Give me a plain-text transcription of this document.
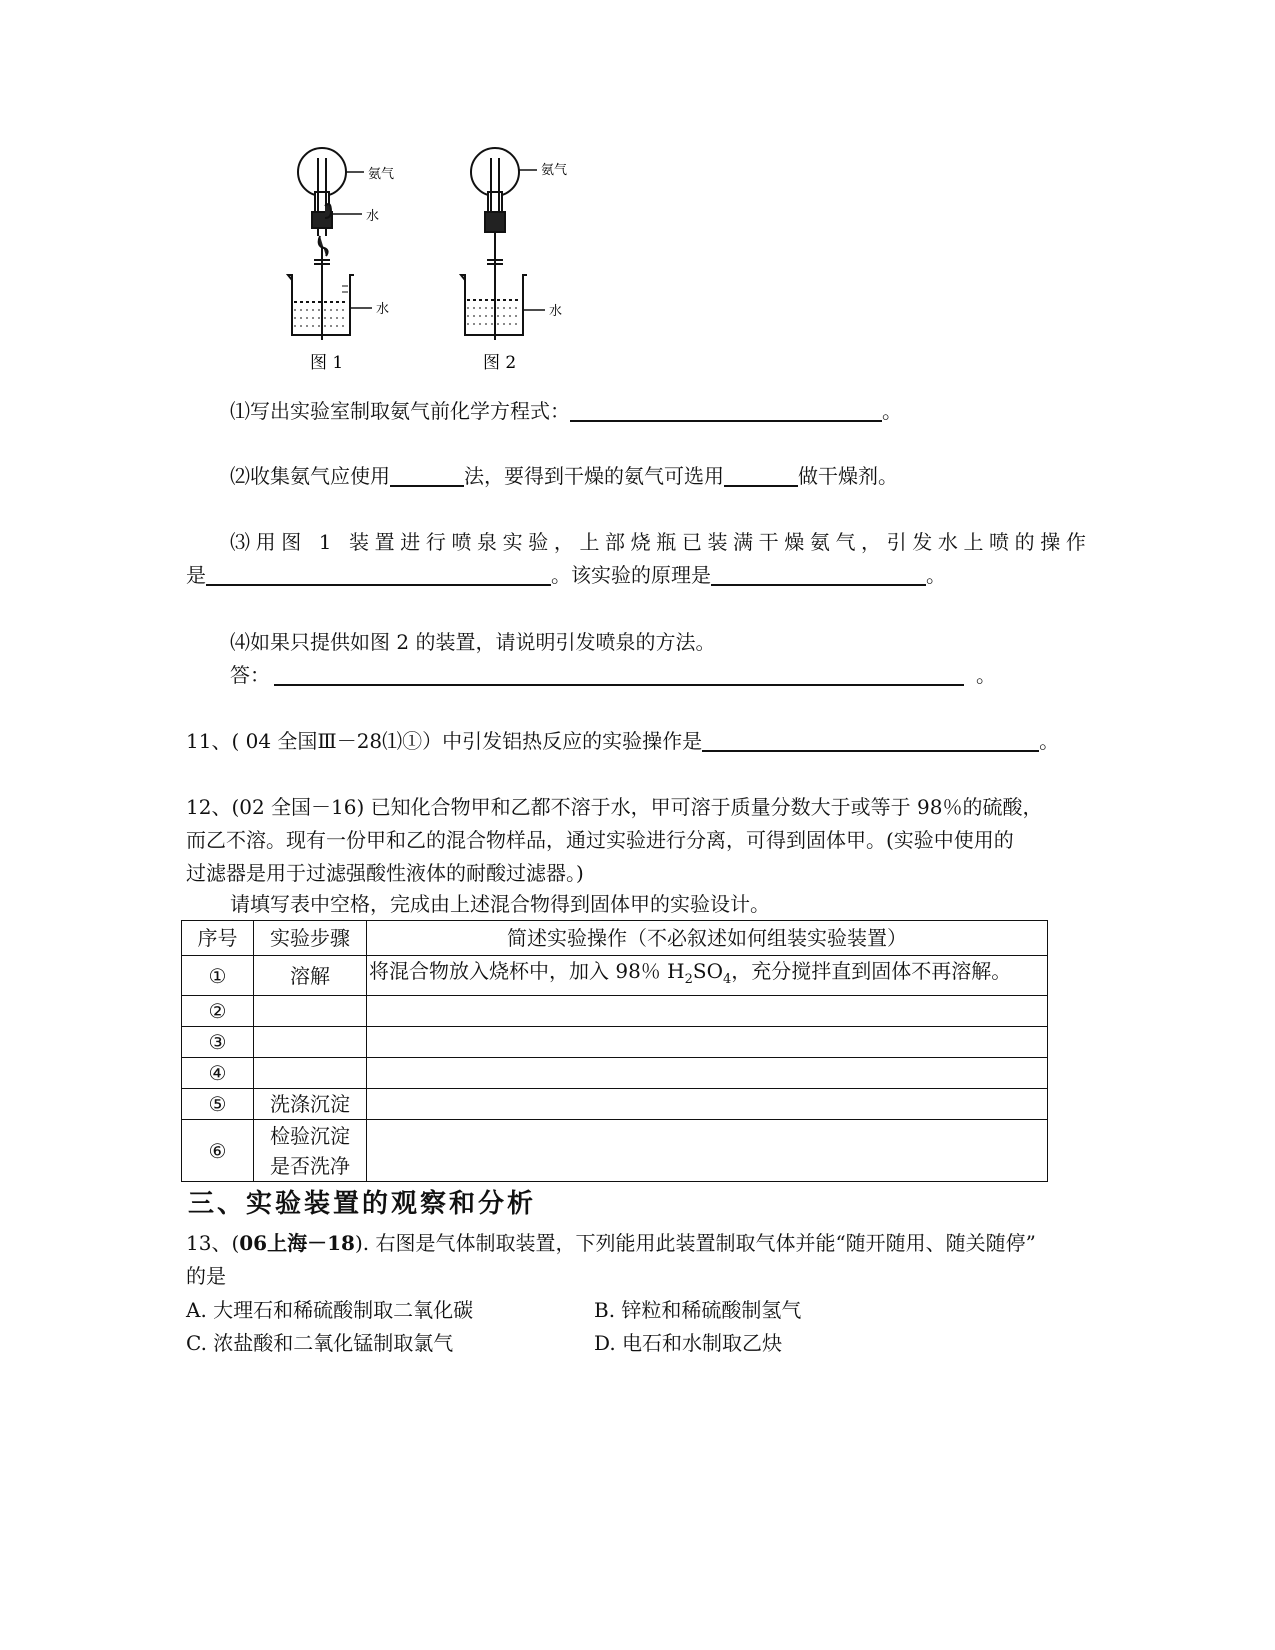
氨气
水
水
氨气
水
图 1	图 2
⑴写出实验室制取氨气前化学方程式：	。
⑵收集氨气应使用	法，要得到干燥的氨气可选用	做干燥剂。
⑶用图 1 装置进行喷泉实验，上部烧瓶已装满干燥氨气，引发水上喷的操作
是	。该实验的原理是	。
⑷如果只提供如图 2 的装置，请说明引发喷泉的方法。
答：	。
11、( 04 全国Ⅲ－28⑴①）中引发铝热反应的实验操作是	。
12、(02 全国－16) 已知化合物甲和乙都不溶于水，甲可溶于质量分数大于或等于 98％的硫酸，
而乙不溶。现有一份甲和乙的混合物样品，通过实验进行分离，可得到固体甲。(实验中使用的
过滤器是用于过滤强酸性液体的耐酸过滤器。)
请填写表中空格，完成由上述混合物得到固体甲的实验设计。
序号	实验步骤	简述实验操作（不必叙述如何组装实验装置）
①	溶解	将混合物放入烧杯中，加入 98％ $H_2SO_4$，充分搅拌直到固体不再溶解。
②		
③		
④		
⑤	洗涤沉淀	
⑥	检验沉淀
是否洗净	
三、实验装置的观察和分析
13、(06上海－18). 右图是气体制取装置，下列能用此装置制取气体并能“随开随用、随关随停”
的是
A. 大理石和稀硫酸制取二氧化碳	B. 锌粒和稀硫酸制氢气
C. 浓盐酸和二氧化锰制取氯气	D. 电石和水制取乙炔
